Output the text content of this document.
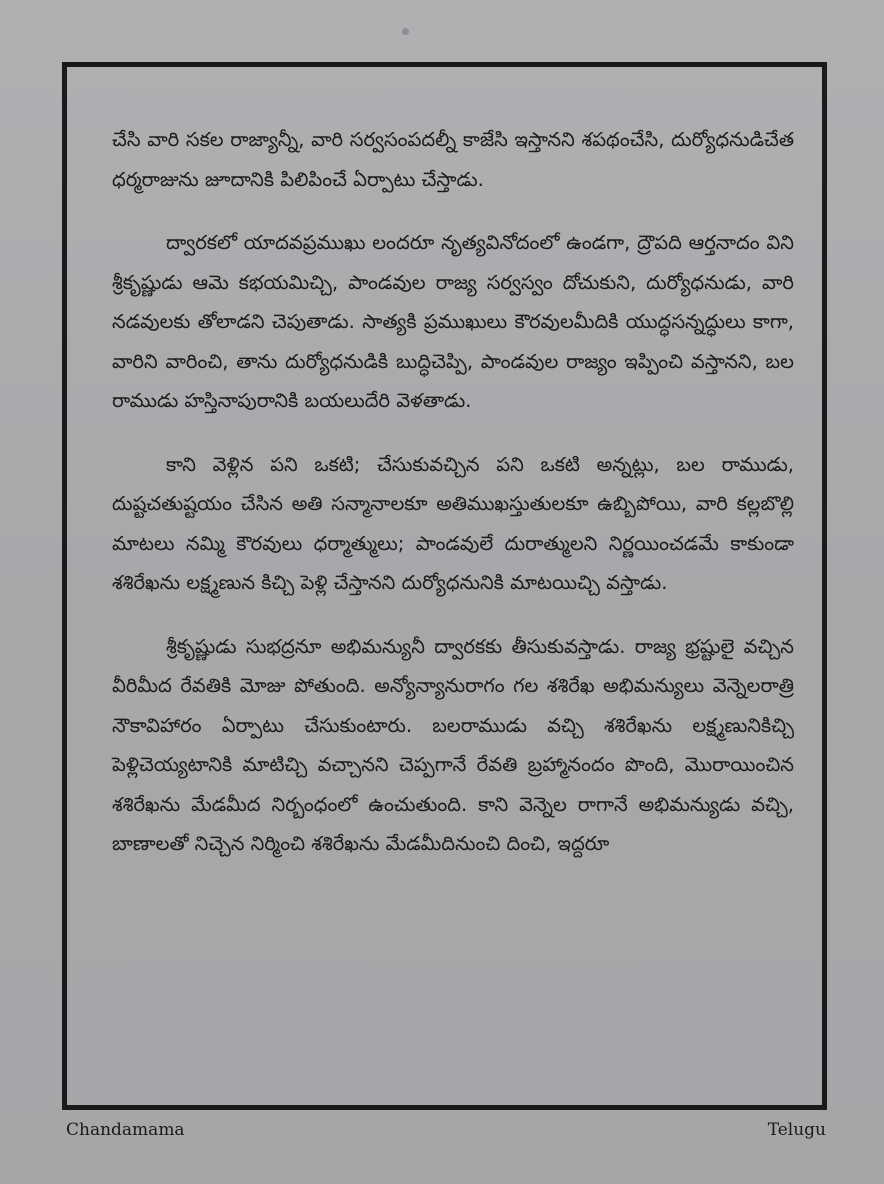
చేసి వారి సకల రాజ్యాన్నీ, వారి సర్వసంపదల్నీ కాజేసి ఇస్తానని శపథంచేసి, దుర్యోధనుడిచేత ధర్మరాజును జూదానికి పిలిపించే ఏర్పాటు చేస్తాడు.

ద్వారకలో యాదవప్రముఖు లందరూ నృత్యవినోదంలో ఉండగా, ద్రౌపది ఆర్తనాదం విని శ్రీకృష్ణుడు ఆమె కభయమిచ్చి, పాండవుల రాజ్య సర్వస్వం దోచుకుని, దుర్యోధనుడు, వారి నడవులకు తోలాడని చెపుతాడు. సాత్యకి ప్రముఖులు కౌరవులమీదికి యుద్ధసన్నద్ధులు కాగా, వారిని వారించి, తాను దుర్యోధనుడికి బుద్ధిచెప్పి, పాండవుల రాజ్యం ఇప్పించి వస్తానని, బల రాముడు హస్తినాపురానికి బయలుదేరి వెళతాడు.

కాని వెళ్లిన పని ఒకటి; చేసుకువచ్చిన పని ఒకటి అన్నట్లు, బల రాముడు, దుష్టచతుష్టయం చేసిన అతి సన్మానాలకూ అతిముఖస్తుతులకూ ఉబ్బిపోయి, వారి కల్లబొల్లి మాటలు నమ్మి కౌరవులు ధర్మాత్ములు; పాండవులే దురాత్ములని నిర్ణయించడమే కాకుండా శశిరేఖను లక్ష్మణున కిచ్చి పెళ్లి చేస్తానని దుర్యోధనునికి మాటయిచ్చి వస్తాడు.

శ్రీకృష్ణుడు సుభద్రనూ అభిమన్యునీ ద్వారకకు తీసుకువస్తాడు. రాజ్య భ్రష్టులై వచ్చిన వీరిమీద రేవతికి మోజు పోతుంది. అన్యోన్యానురాగం గల శశిరేఖ అభిమన్యులు వెన్నెలరాత్రి నౌకావిహారం ఏర్పాటు చేసుకుంటారు. బలరాముడు వచ్చి శశిరేఖను లక్ష్మణునికిచ్చి పెళ్లిచెయ్యటానికి మాటిచ్చి వచ్చానని చెప్పగానే రేవతి బ్రహ్మానందం పొంది, మొరాయించిన శశిరేఖను మేడమీద నిర్బంధంలో ఉంచుతుంది. కాని వెన్నెల రాగానే అభిమన్యుడు వచ్చి, బాణాలతో నిచ్చెన నిర్మించి శశిరేఖను మేడమీదినుంచి దించి, ఇద్దరూ

Chandamama	Telugu
